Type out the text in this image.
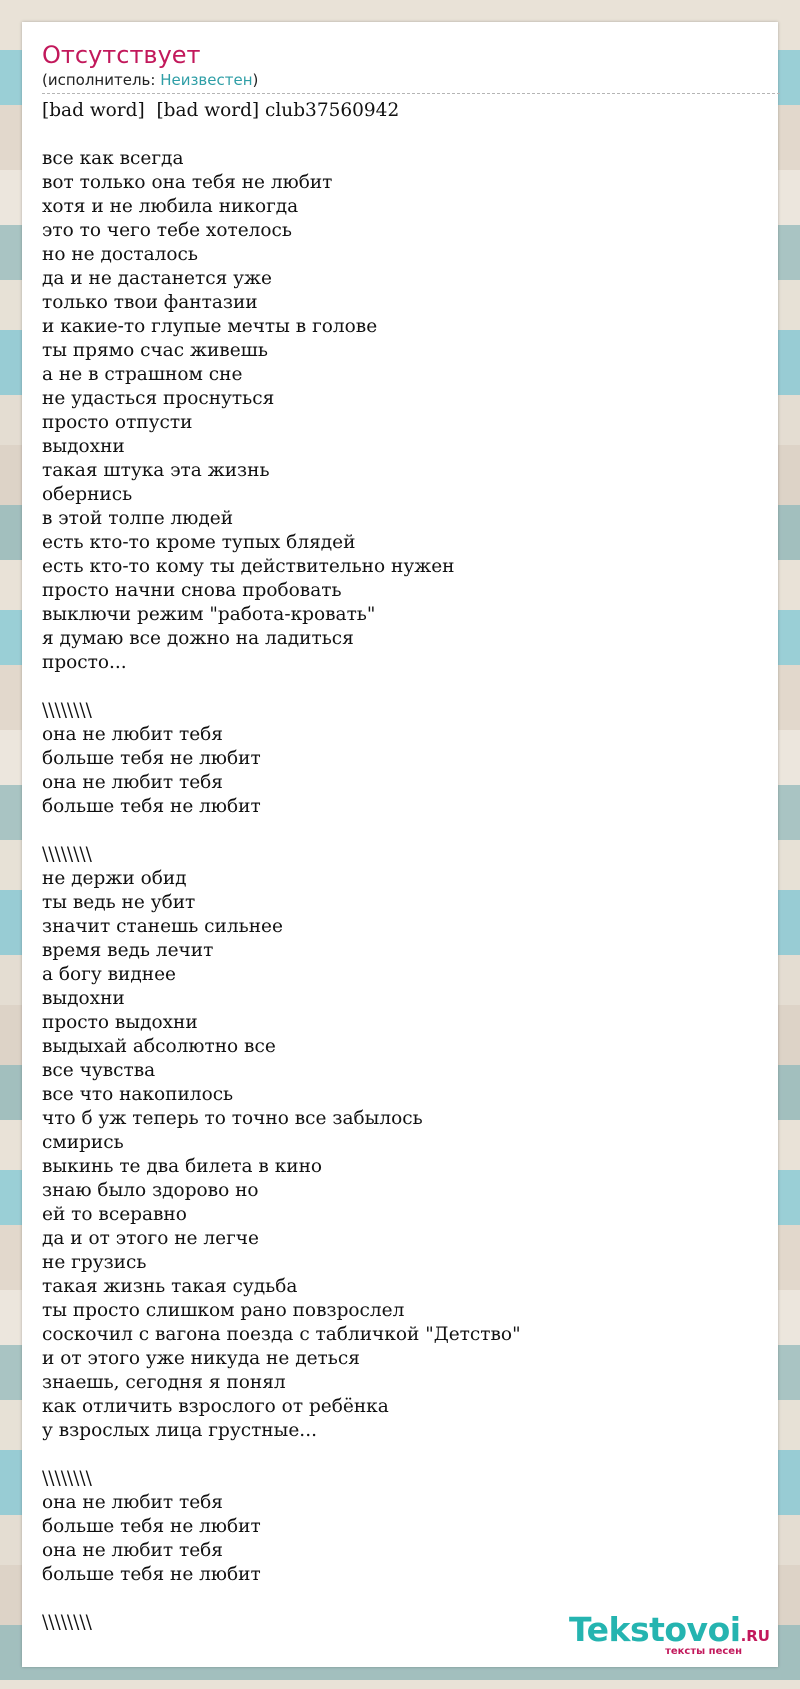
Отсутствует
(исполнитель: Неизвестен)
[bad word]  [bad word] club37560942
все как всегда
вот только она тебя не любит
хотя и не любила никогда
это то чего тебе хотелось
но не досталось
да и не дастанется уже
только твои фантазии
и какие-то глупые мечты в голове
ты прямо счас живешь
а не в страшном сне
не удасться проснуться
просто отпусти
выдохни
такая штука эта жизнь
обернись
в этой толпе людей
есть кто-то кроме тупых блядей
есть кто-то кому ты действительно нужен
просто начни снова пробовать
выключи режим "работа-кровать"
я думаю все дожно на ладиться
просто...
\\\\\\\\
она не любит тебя
больше тебя не любит
она не любит тебя
больше тебя не любит
\\\\\\\\
не держи обид
ты ведь не убит
значит станешь сильнее
время ведь лечит
а богу виднее
выдохни
просто выдохни
выдыхай абсолютно все
все чувства
все что накопилось
что б уж теперь то точно все забылось
смирись
выкинь те два билета в кино
знаю было здорово но
ей то всеравно
да и от этого не легче
не грузись
такая жизнь такая судьба
ты просто слишком рано повзрослел
соскочил с вагона поезда с табличкой "Детство"
и от этого уже никуда не деться
знаешь, сегодня я понял
как отличить взрослого от ребёнка
у взрослых лица грустные...
\\\\\\\\
она не любит тебя
больше тебя не любит
она не любит тебя
больше тебя не любит
\\\\\\\\	Tekstovoi.RU
тексты песен
